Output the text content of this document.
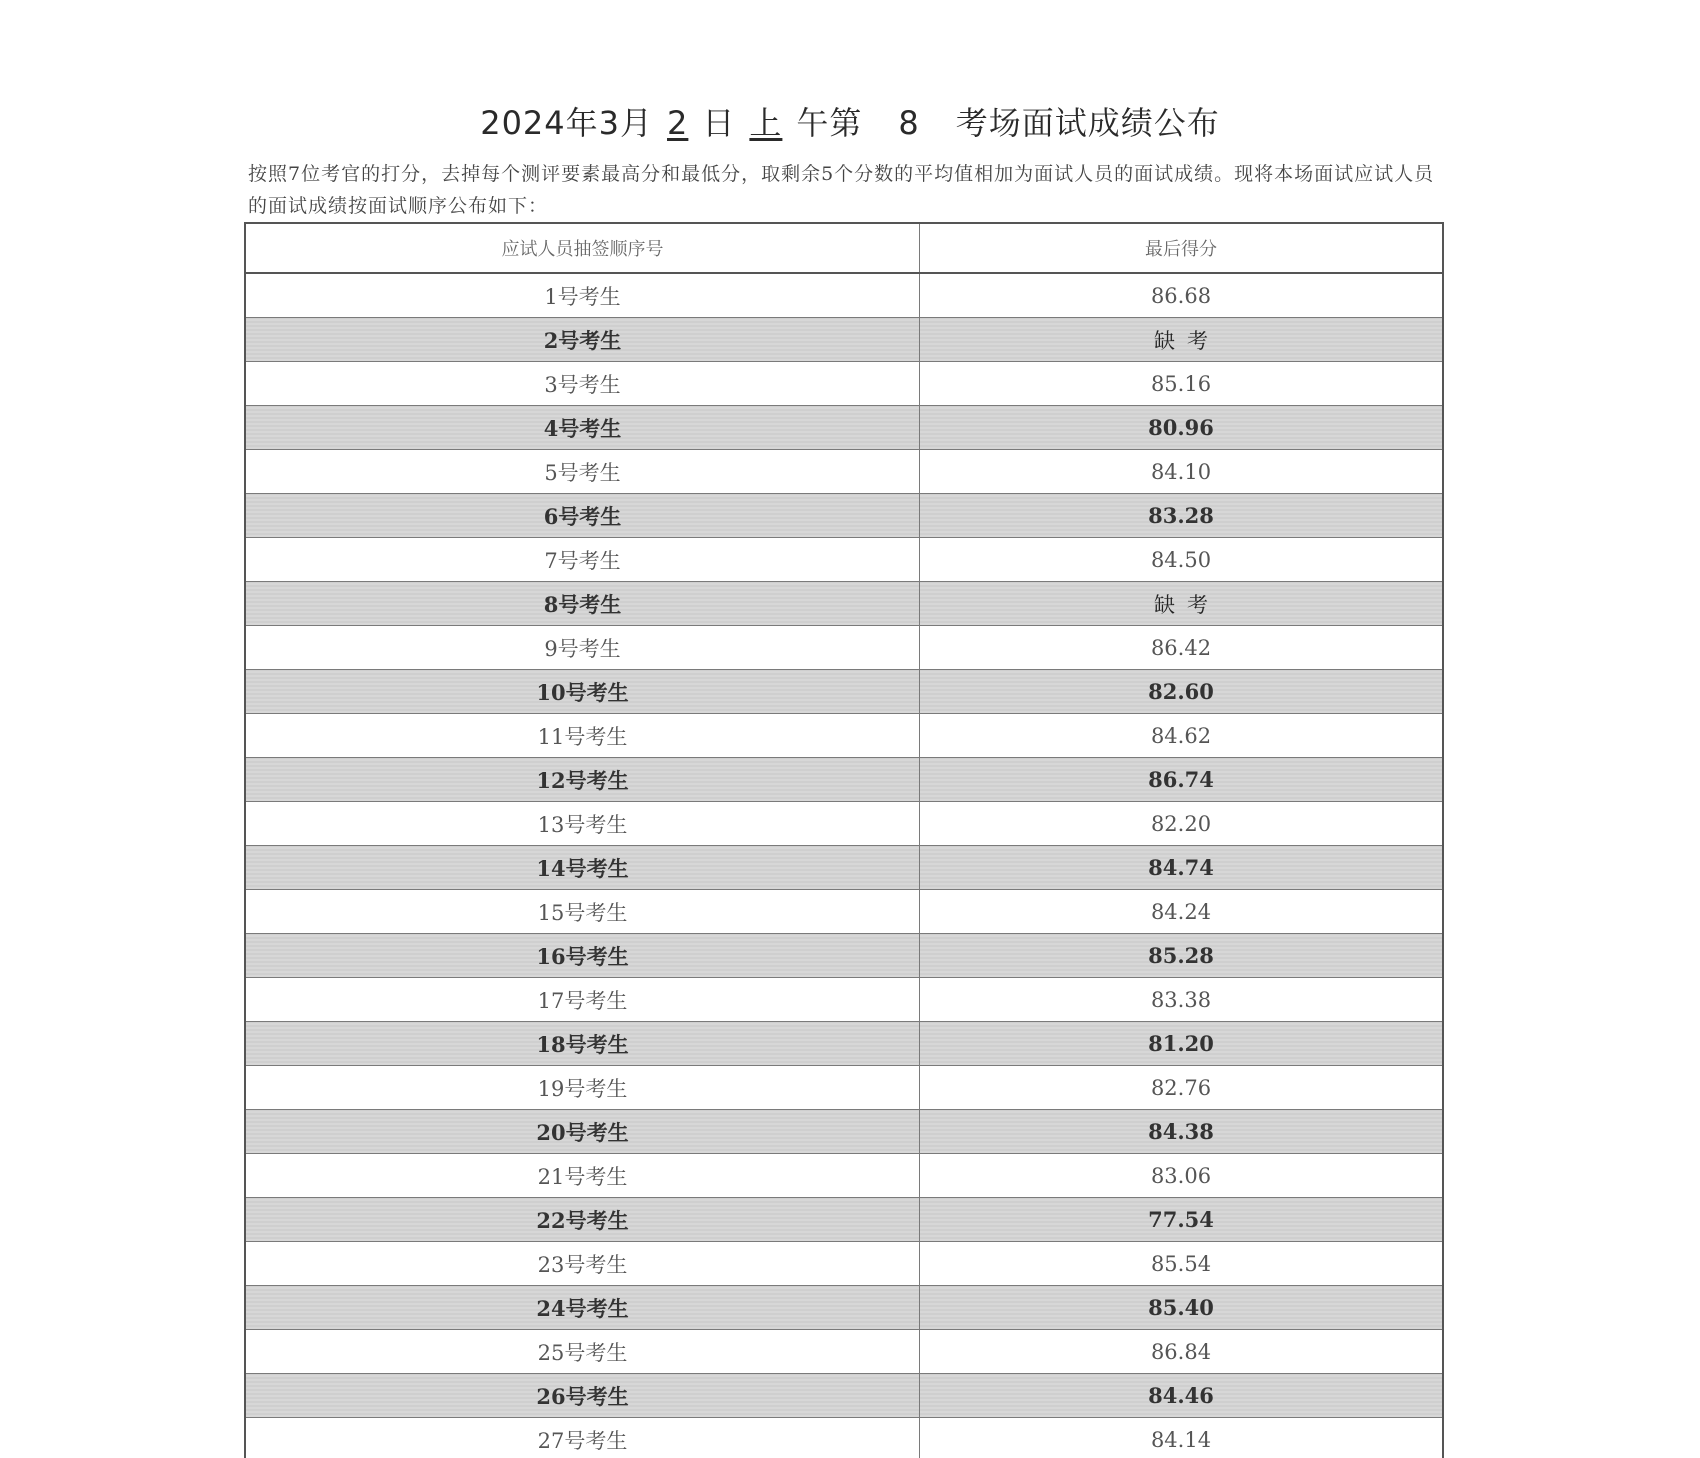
2024年3月 2 日 上 午第 8 考场面试成绩公布
按照7位考官的打分，去掉每个测评要素最高分和最低分，取剩余5个分数的平均值相加为面试人员的面试成绩。现将本场面试应试人员的面试成绩按面试顺序公布如下：
应试人员抽签顺序号	最后得分
1号考生	86.68
2号考生	缺考
3号考生	85.16
4号考生	80.96
5号考生	84.10
6号考生	83.28
7号考生	84.50
8号考生	缺考
9号考生	86.42
10号考生	82.60
11号考生	84.62
12号考生	86.74
13号考生	82.20
14号考生	84.74
15号考生	84.24
16号考生	85.28
17号考生	83.38
18号考生	81.20
19号考生	82.76
20号考生	84.38
21号考生	83.06
22号考生	77.54
23号考生	85.54
24号考生	85.40
25号考生	86.84
26号考生	84.46
27号考生	84.14
